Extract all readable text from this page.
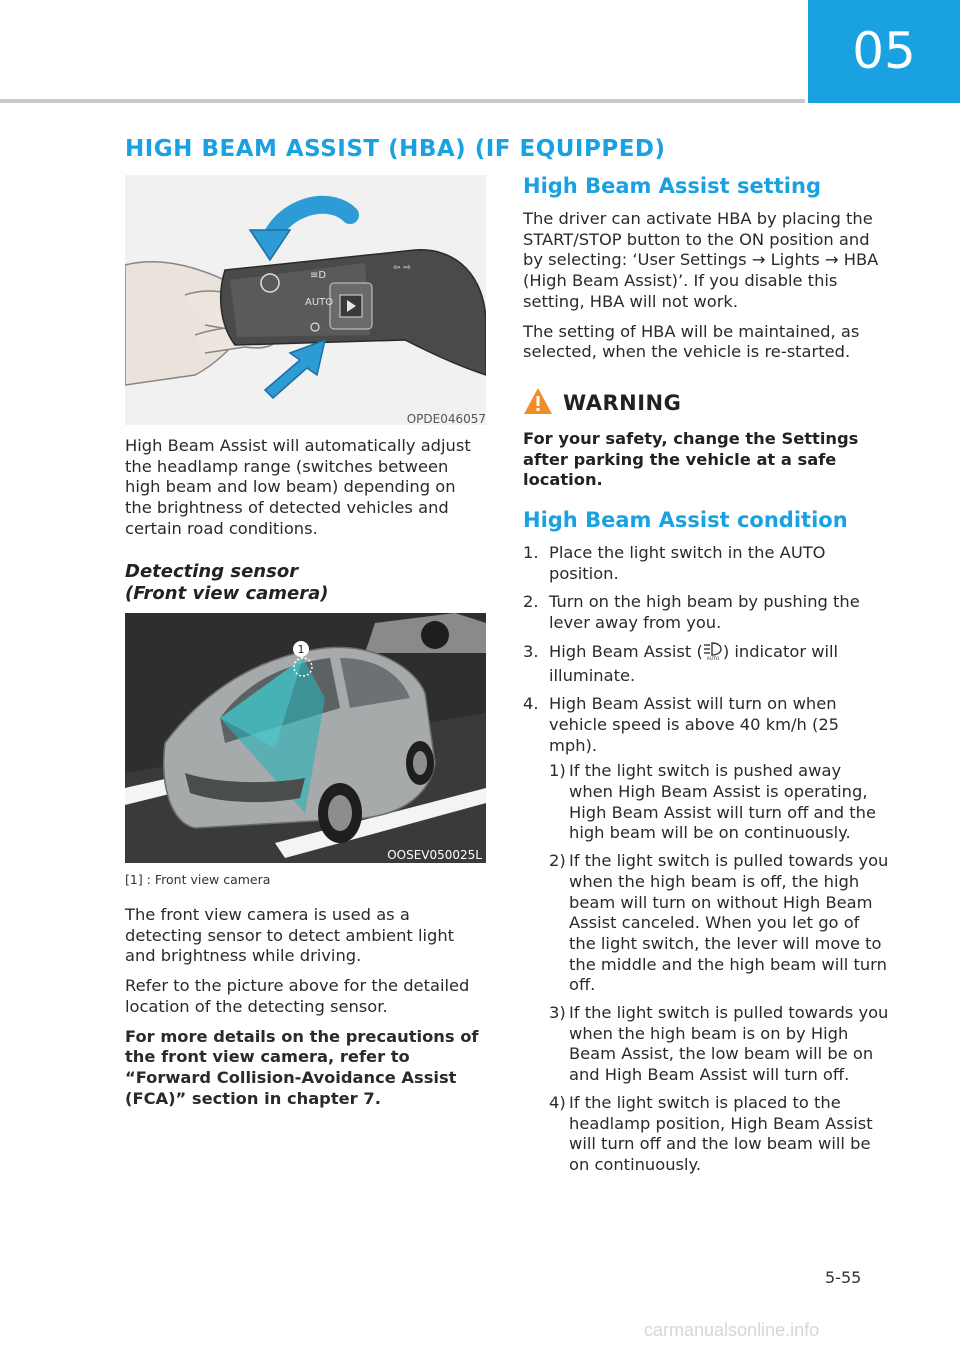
05
HIGH BEAM ASSIST (HBA) (IF EQUIPPED)
≡D
AUTO
⇦ ⇨
OPDE046057

High Beam Assist will automatically adjust the headlamp range (switches between high beam and low beam) depending on the brightness of detected vehicles and certain road conditions.

Detecting sensor
(Front view camera)
1
OOSEV050025L
[1] : Front view camera

The front view camera is used as a detecting sensor to detect ambient light and brightness while driving.

Refer to the picture above for the detailed location of the detecting sensor.

For more details on the precautions of the front view camera, refer to “Forward Collision-Avoidance Assist (FCA)” section in chapter 7.

High Beam Assist setting

The driver can activate HBA by placing the START/STOP button to the ON position and by selecting: ‘User Settings → Lights → HBA (High Beam Assist)’. If you disable this setting, HBA will not work.

The setting of HBA will be maintained, as selected, when the vehicle is re-started.

WARNING
For your safety, change the Settings after parking the vehicle at a safe location.
High Beam Assist condition
1. Place the light switch in the AUTO position.
2. Turn on the high beam by pushing the lever away from you.
3. High Beam Assist ( AUTO ) indicator will illuminate.
4. High Beam Assist will turn on when vehicle speed is above 40 km/h (25 mph).
1) If the light switch is pushed away when High Beam Assist is operating, High Beam Assist will turn off and the high beam will be on continuously.
2) If the light switch is pulled towards you when the high beam is off, the high beam will turn on without High Beam Assist canceled. When you let go of the light switch, the lever will move to the middle and the high beam will turn off.
3) If the light switch is pulled towards you when the high beam is on by High Beam Assist, the low beam will be on and High Beam Assist will turn off.
4) If the light switch is placed to the headlamp position, High Beam Assist will turn off and the low beam will be on continuously.
5-55
carmanualsonline.info
